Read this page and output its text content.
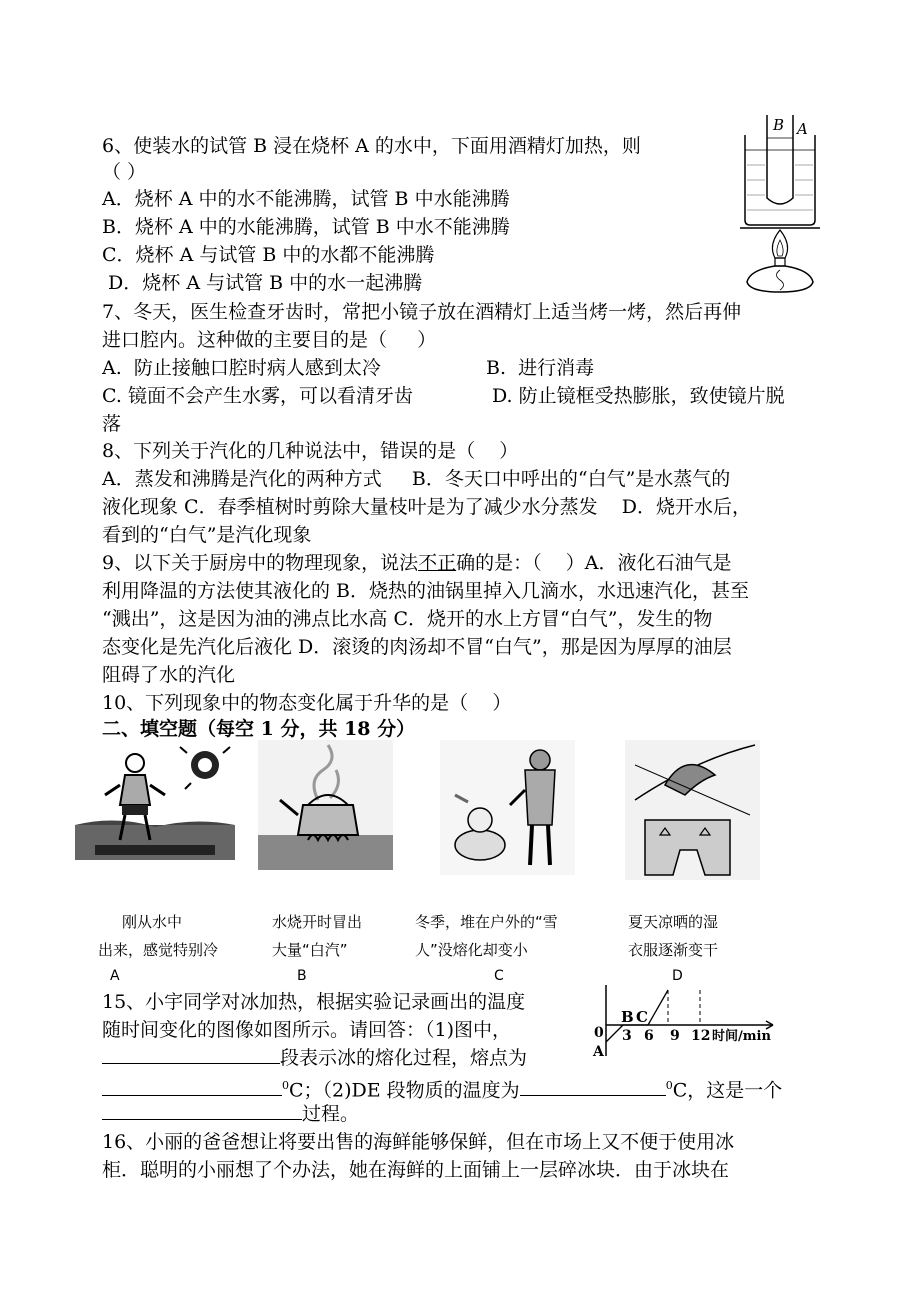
6、使装水的试管 B 浸在烧杯 A 的水中，下面用酒精灯加热，则
（ ）
A．烧杯 A 中的水不能沸腾，试管 B 中水能沸腾
B．烧杯 A 中的水能沸腾，试管 B 中水不能沸腾
C．烧杯 A 与试管 B 中的水都不能沸腾
D．烧杯 A 与试管 B 中的水一起沸腾
B A
7、冬天，医生检查牙齿时，常把小镜子放在酒精灯上适当烤一烤，然后再伸
进口腔内。这种做的主要目的是（     ）
A.  防止接触口腔时病人感到太冷	B.  进行消毒
C. 镜面不会产生水雾，可以看清牙齿	D. 防止镜框受热膨胀，致使镜片脱
落
8、下列关于汽化的几种说法中，错误的是（    ）
A．蒸发和沸腾是汽化的两种方式     B．冬天口中呼出的“白气”是水蒸气的
液化现象 C．春季植树时剪除大量枝叶是为了减少水分蒸发    D．烧开水后，
看到的“白气”是汽化现象
9、以下关于厨房中的物理现象，说法不正确的是：（    ）A．液化石油气是
利用降温的方法使其液化的 B．烧热的油锅里掉入几滴水，水迅速汽化，甚至
“溅出”，这是因为油的沸点比水高 C．烧开的水上方冒“白气”，发生的物
态变化是先汽化后液化 D．滚烫的肉汤却不冒“白气”，那是因为厚厚的油层
阻碍了水的汽化
10、下列现象中的物态变化属于升华的是（    ）
二、填空题（每空 1 分，共 18 分）
刚从水中
出来，感觉特别冷
水烧开时冒出
大量“白汽”
冬季，堆在户外的“雪
人”没熔化却变小
夏天凉晒的湿
衣服逐渐变干
A	B	C	D
15、小宇同学对冰加热，根据实验记录画出的温度
随时间变化的图像如图所示。请回答：（1)图中，
段表示冰的熔化过程，熔点为
$^0$C；（2)DE 段物质的温度为	$^0$C，这是一个
过程。
0
A
B C
3 6 9 12 时间/min
16、小丽的爸爸想让将要出售的海鲜能够保鲜，但在市场上又不便于使用冰
柜．聪明的小丽想了个办法，她在海鲜的上面铺上一层碎冰块．由于冰块在
